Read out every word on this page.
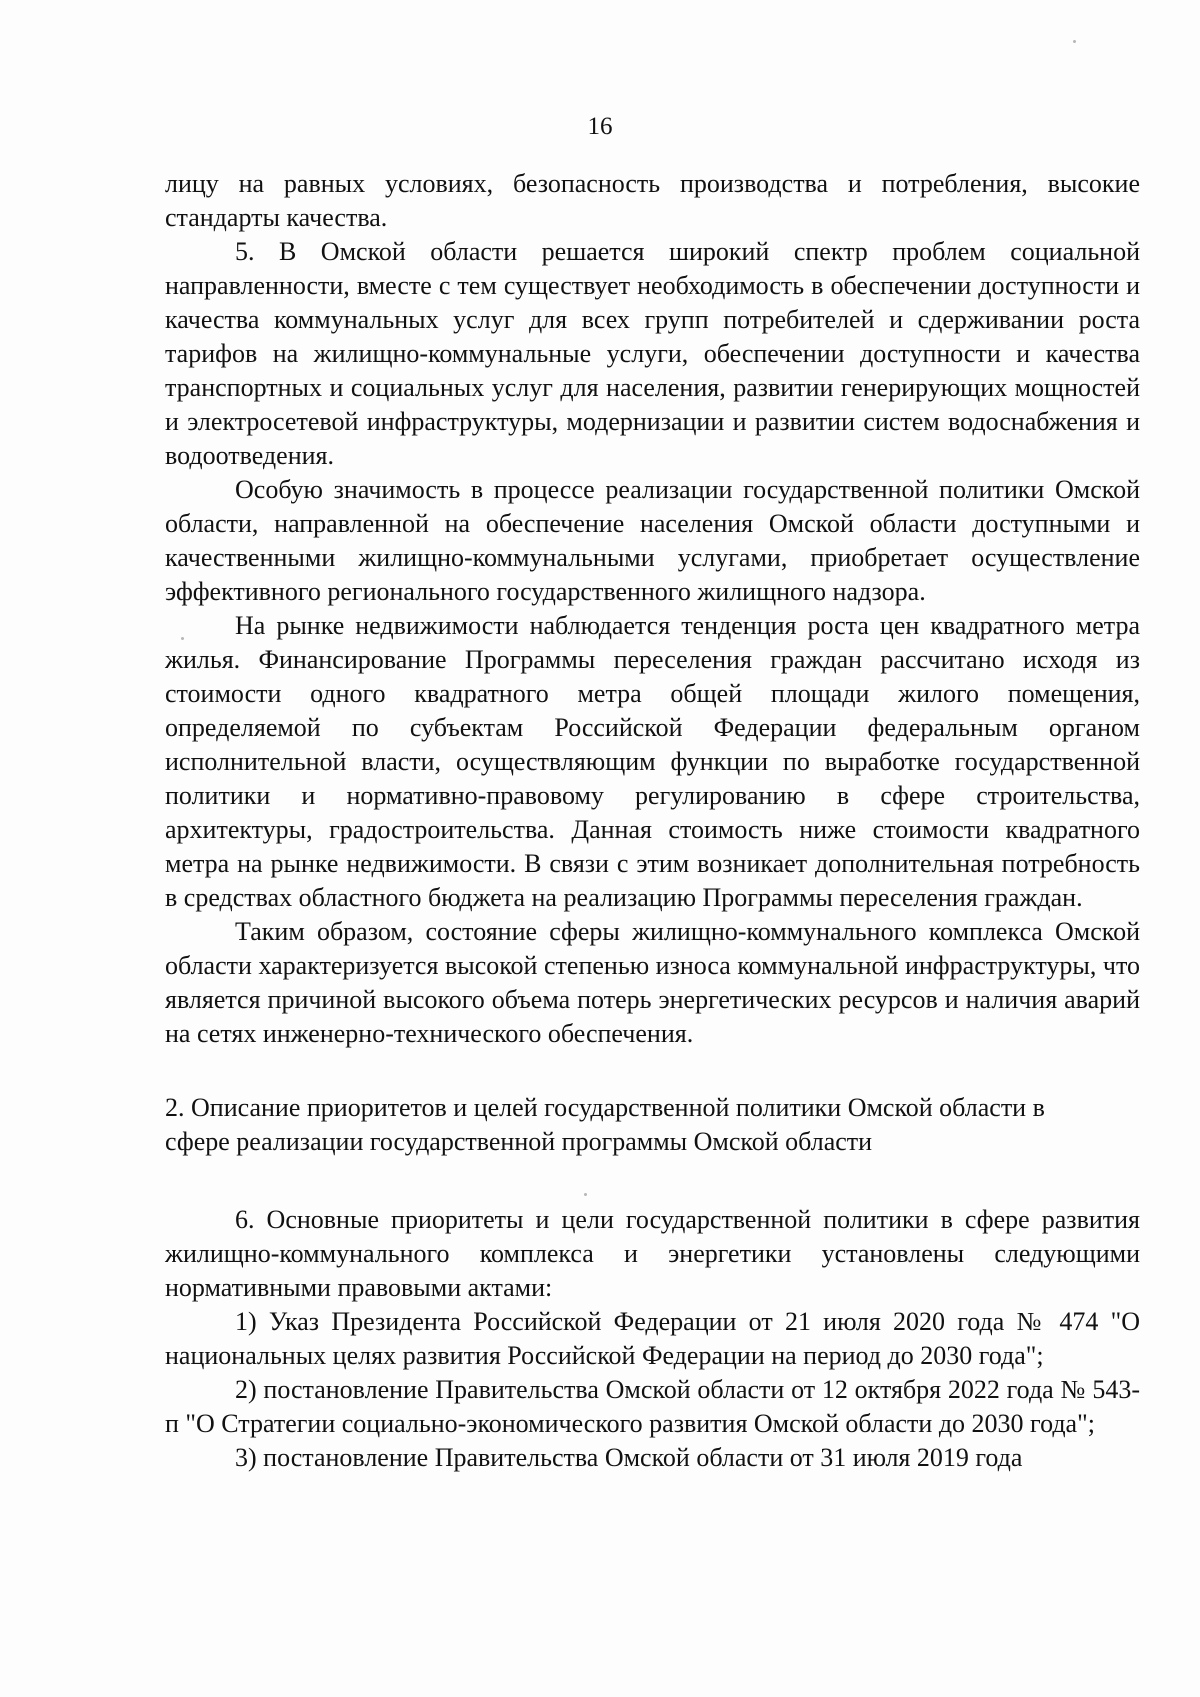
16

лицу на равных условиях, безопасность производства и потребления, высокие стандарты качества.

5. В Омской области решается широкий спектр проблем социальной направленности, вместе с тем существует необходимость в обеспечении доступности и качества коммунальных услуг для всех групп потребителей и сдерживании роста тарифов на жилищно-коммунальные услуги, обеспечении доступности и качества транспортных и социальных услуг для населения, развитии генерирующих мощностей и электросетевой инфраструктуры, модернизации и развитии систем водоснабжения и водоотведения.

Особую значимость в процессе реализации государственной политики Омской области, направленной на обеспечение населения Омской области доступными и качественными жилищно-коммунальными услугами, приобретает осуществление эффективного регионального государственного жилищного надзора.

На рынке недвижимости наблюдается тенденция роста цен квадратного метра жилья. Финансирование Программы переселения граждан рассчитано исходя из стоимости одного квадратного метра общей площади жилого помещения, определяемой по субъектам Российской Федерации федеральным органом исполнительной власти, осуществляющим функции по выработке государственной политики и нормативно-правовому регулированию в сфере строительства, архитектуры, градостроительства. Данная стоимость ниже стоимости квадратного метра на рынке недвижимости. В связи с этим возникает дополнительная потребность в средствах областного бюджета на реализацию Программы переселения граждан.

Таким образом, состояние сферы жилищно-коммунального комплекса Омской области характеризуется высокой степенью износа коммунальной инфраструктуры, что является причиной высокого объема потерь энергетических ресурсов и наличия аварий на сетях инженерно-технического обеспечения.

2. Описание приоритетов и целей государственной политики Омской области в

сфере реализации государственной программы Омской области

6. Основные приоритеты и цели государственной политики в сфере развития жилищно-коммунального комплекса и энергетики установлены следующими нормативными правовыми актами:

1) Указ Президента Российской Федерации от 21 июля 2020 года № 474 "О национальных целях развития Российской Федерации на период до 2030 года";

2) постановление Правительства Омской области от 12 октября 2022 года № 543-п "О Стратегии социально-экономического развития Омской области до 2030 года";

3) постановление Правительства Омской области от 31 июля 2019 года
